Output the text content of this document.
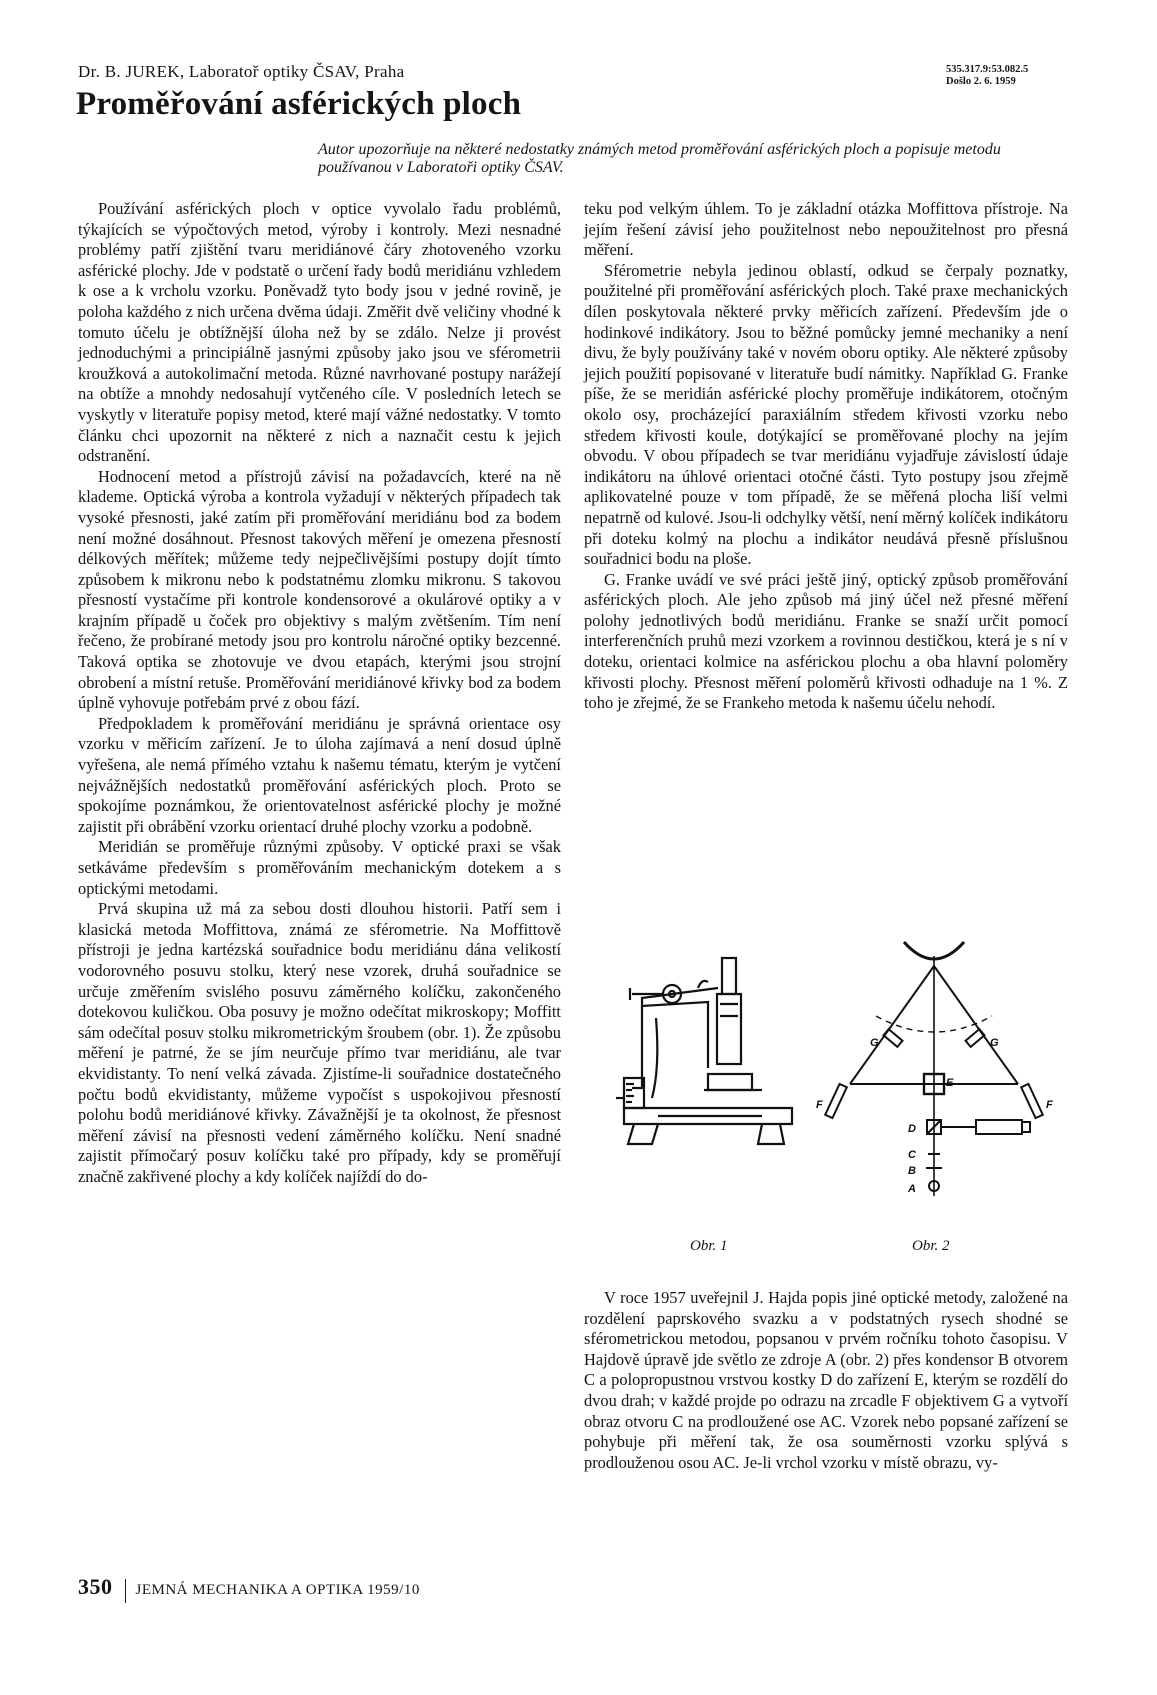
Dr. B. JUREK, Laboratoř optiky ČSAV, Praha	535.317.9:53.082.5
Došlo 2. 6. 1959
Proměřování asférických ploch
Autor upozorňuje na některé nedostatky známých metod proměřování asférických ploch a popisuje metodu používanou v Laboratoři optiky ČSAV.

Používání asférických ploch v optice vyvolalo řadu problémů, týkajících se výpočtových metod, výroby i kontroly. Mezi nesnadné problémy patří zjištění tvaru meridiánové čáry zhotoveného vzorku asférické plochy. Jde v podstatě o určení řady bodů meridiánu vzhledem k ose a k vrcholu vzorku. Poněvadž tyto body jsou v jedné rovině, je poloha každého z nich určena dvěma údaji. Změřit dvě veličiny vhodné k tomuto účelu je obtížnější úloha než by se zdálo. Nelze ji provést jednoduchými a principiálně jasnými způsoby jako jsou ve sférometrii kroužková a autokolimační metoda. Různé navrhované postupy narážejí na obtíže a mnohdy nedosahují vytčeného cíle. V posledních letech se vyskytly v literatuře popisy metod, které mají vážné nedostatky. V tomto článku chci upozornit na některé z nich a naznačit cestu k jejich odstranění.

Hodnocení metod a přístrojů závisí na požadavcích, které na ně klademe. Optická výroba a kontrola vyžadují v některých případech tak vysoké přesnosti, jaké zatím při proměřování meridiánu bod za bodem není možné dosáhnout. Přesnost takových měření je omezena přesností délkových měřítek; můžeme tedy nejpečlivějšími postupy dojít tímto způsobem k mikronu nebo k podstatnému zlomku mikronu. S takovou přesností vystačíme při kontrole kondensorové a okulárové optiky a v krajním případě u čoček pro objektivy s malým zvětšením. Tím není řečeno, že probírané metody jsou pro kontrolu náročné optiky bezcenné. Taková optika se zhotovuje ve dvou etapách, kterými jsou strojní obrobení a místní retuše. Proměřování meridiánové křivky bod za bodem úplně vyhovuje potřebám prvé z obou fází.

Předpokladem k proměřování meridiánu je správná orientace osy vzorku v měřicím zařízení. Je to úloha zajímavá a není dosud úplně vyřešena, ale nemá přímého vztahu k našemu tématu, kterým je vytčení nejvážnějších nedostatků proměřování asférických ploch. Proto se spokojíme poznámkou, že orientovatelnost asférické plochy je možné zajistit při obrábění vzorku orientací druhé plochy vzorku a podobně.

Meridián se proměřuje různými způsoby. V optické praxi se však setkáváme především s proměřováním mechanickým dotekem a s optickými metodami.

Prvá skupina už má za sebou dosti dlouhou historii. Patří sem i klasická metoda Moffittova, známá ze sférometrie. Na Moffittově přístroji je jedna kartézská souřadnice bodu meridiánu dána velikostí vodorovného posuvu stolku, který nese vzorek, druhá souřadnice se určuje změřením svislého posuvu záměrného kolíčku, zakončeného dotekovou kuličkou. Oba posuvy je možno odečítat mikroskopy; Moffitt sám odečítal posuv stolku mikrometrickým šroubem (obr. 1). Že způsobu měření je patrné, že se jím neurčuje přímo tvar meridiánu, ale tvar ekvidistanty. To není velká závada. Zjistíme-li souřadnice dostatečného počtu bodů ekvidistanty, můžeme vypočíst s uspokojivou přesností polohu bodů meridiánové křivky. Závažnější je ta okolnost, že přesnost měření závisí na přesnosti vedení záměrného kolíčku. Není snadné zajistit přímočarý posuv kolíčku také pro případy, kdy se proměřují značně zakřivené plochy a kdy kolíček najíždí do do-

teku pod velkým úhlem. To je základní otázka Moffittova přístroje. Na jejím řešení závisí jeho použitelnost nebo nepoužitelnost pro přesná měření.

Sférometrie nebyla jedinou oblastí, odkud se čerpaly poznatky, použitelné při proměřování asférických ploch. Také praxe mechanických dílen poskytovala některé prvky měřicích zařízení. Především jde o hodinkové indikátory. Jsou to běžné pomůcky jemné mechaniky a není divu, že byly používány také v novém oboru optiky. Ale některé způsoby jejich použití popisované v literatuře budí námitky. Například G. Franke píše, že se meridián asférické plochy proměřuje indikátorem, otočným okolo osy, procházející paraxiálním středem křivosti vzorku nebo středem křivosti koule, dotýkající se proměřované plochy na jejím obvodu. V obou případech se tvar meridiánu vyjadřuje závislostí údaje indikátoru na úhlové orientaci otočné části. Tyto postupy jsou zřejmě aplikovatelné pouze v tom případě, že se měřená plocha liší velmi nepatrně od kulové. Jsou-li odchylky větší, není měrný kolíček indikátoru při doteku kolmý na plochu a indikátor neudává přesně příslušnou souřadnici bodu na ploše.

G. Franke uvádí ve své práci ještě jiný, optický způsob proměřování asférických ploch. Ale jeho způsob má jiný účel než přesné měření polohy jednotlivých bodů meridiánu. Franke se snaží určit pomocí interferenčních pruhů mezi vzorkem a rovinnou destičkou, která je s ní v doteku, orientaci kolmice na asférickou plochu a oba hlavní poloměry křivosti plochy. Přesnost měření poloměrů křivosti odhaduje na 1 %. Z toho je zřejmé, že se Frankeho metoda k našemu účelu nehodí.

Obr. 1
G	G
F	F
E
D
C
B
A
Obr. 2

V roce 1957 uveřejnil J. Hajda popis jiné optické metody, založené na rozdělení paprskového svazku a v podstatných rysech shodné se sférometrickou metodou, popsanou v prvém ročníku tohoto časopisu. V Hajdově úpravě jde světlo ze zdroje A (obr. 2) přes kondensor B otvorem C a polopropustnou vrstvou kostky D do zařízení E, kterým se rozdělí do dvou drah; v každé projde po odrazu na zrcadle F objektivem G a vytvoří obraz otvoru C na prodloužené ose AC. Vzorek nebo popsané zařízení se pohybuje při měření tak, že osa souměrnosti vzorku splývá s prodlouženou osou AC. Je-li vrchol vzorku v místě obrazu, vy-

350 JEMNÁ MECHANIKA A OPTIKA 1959/10
